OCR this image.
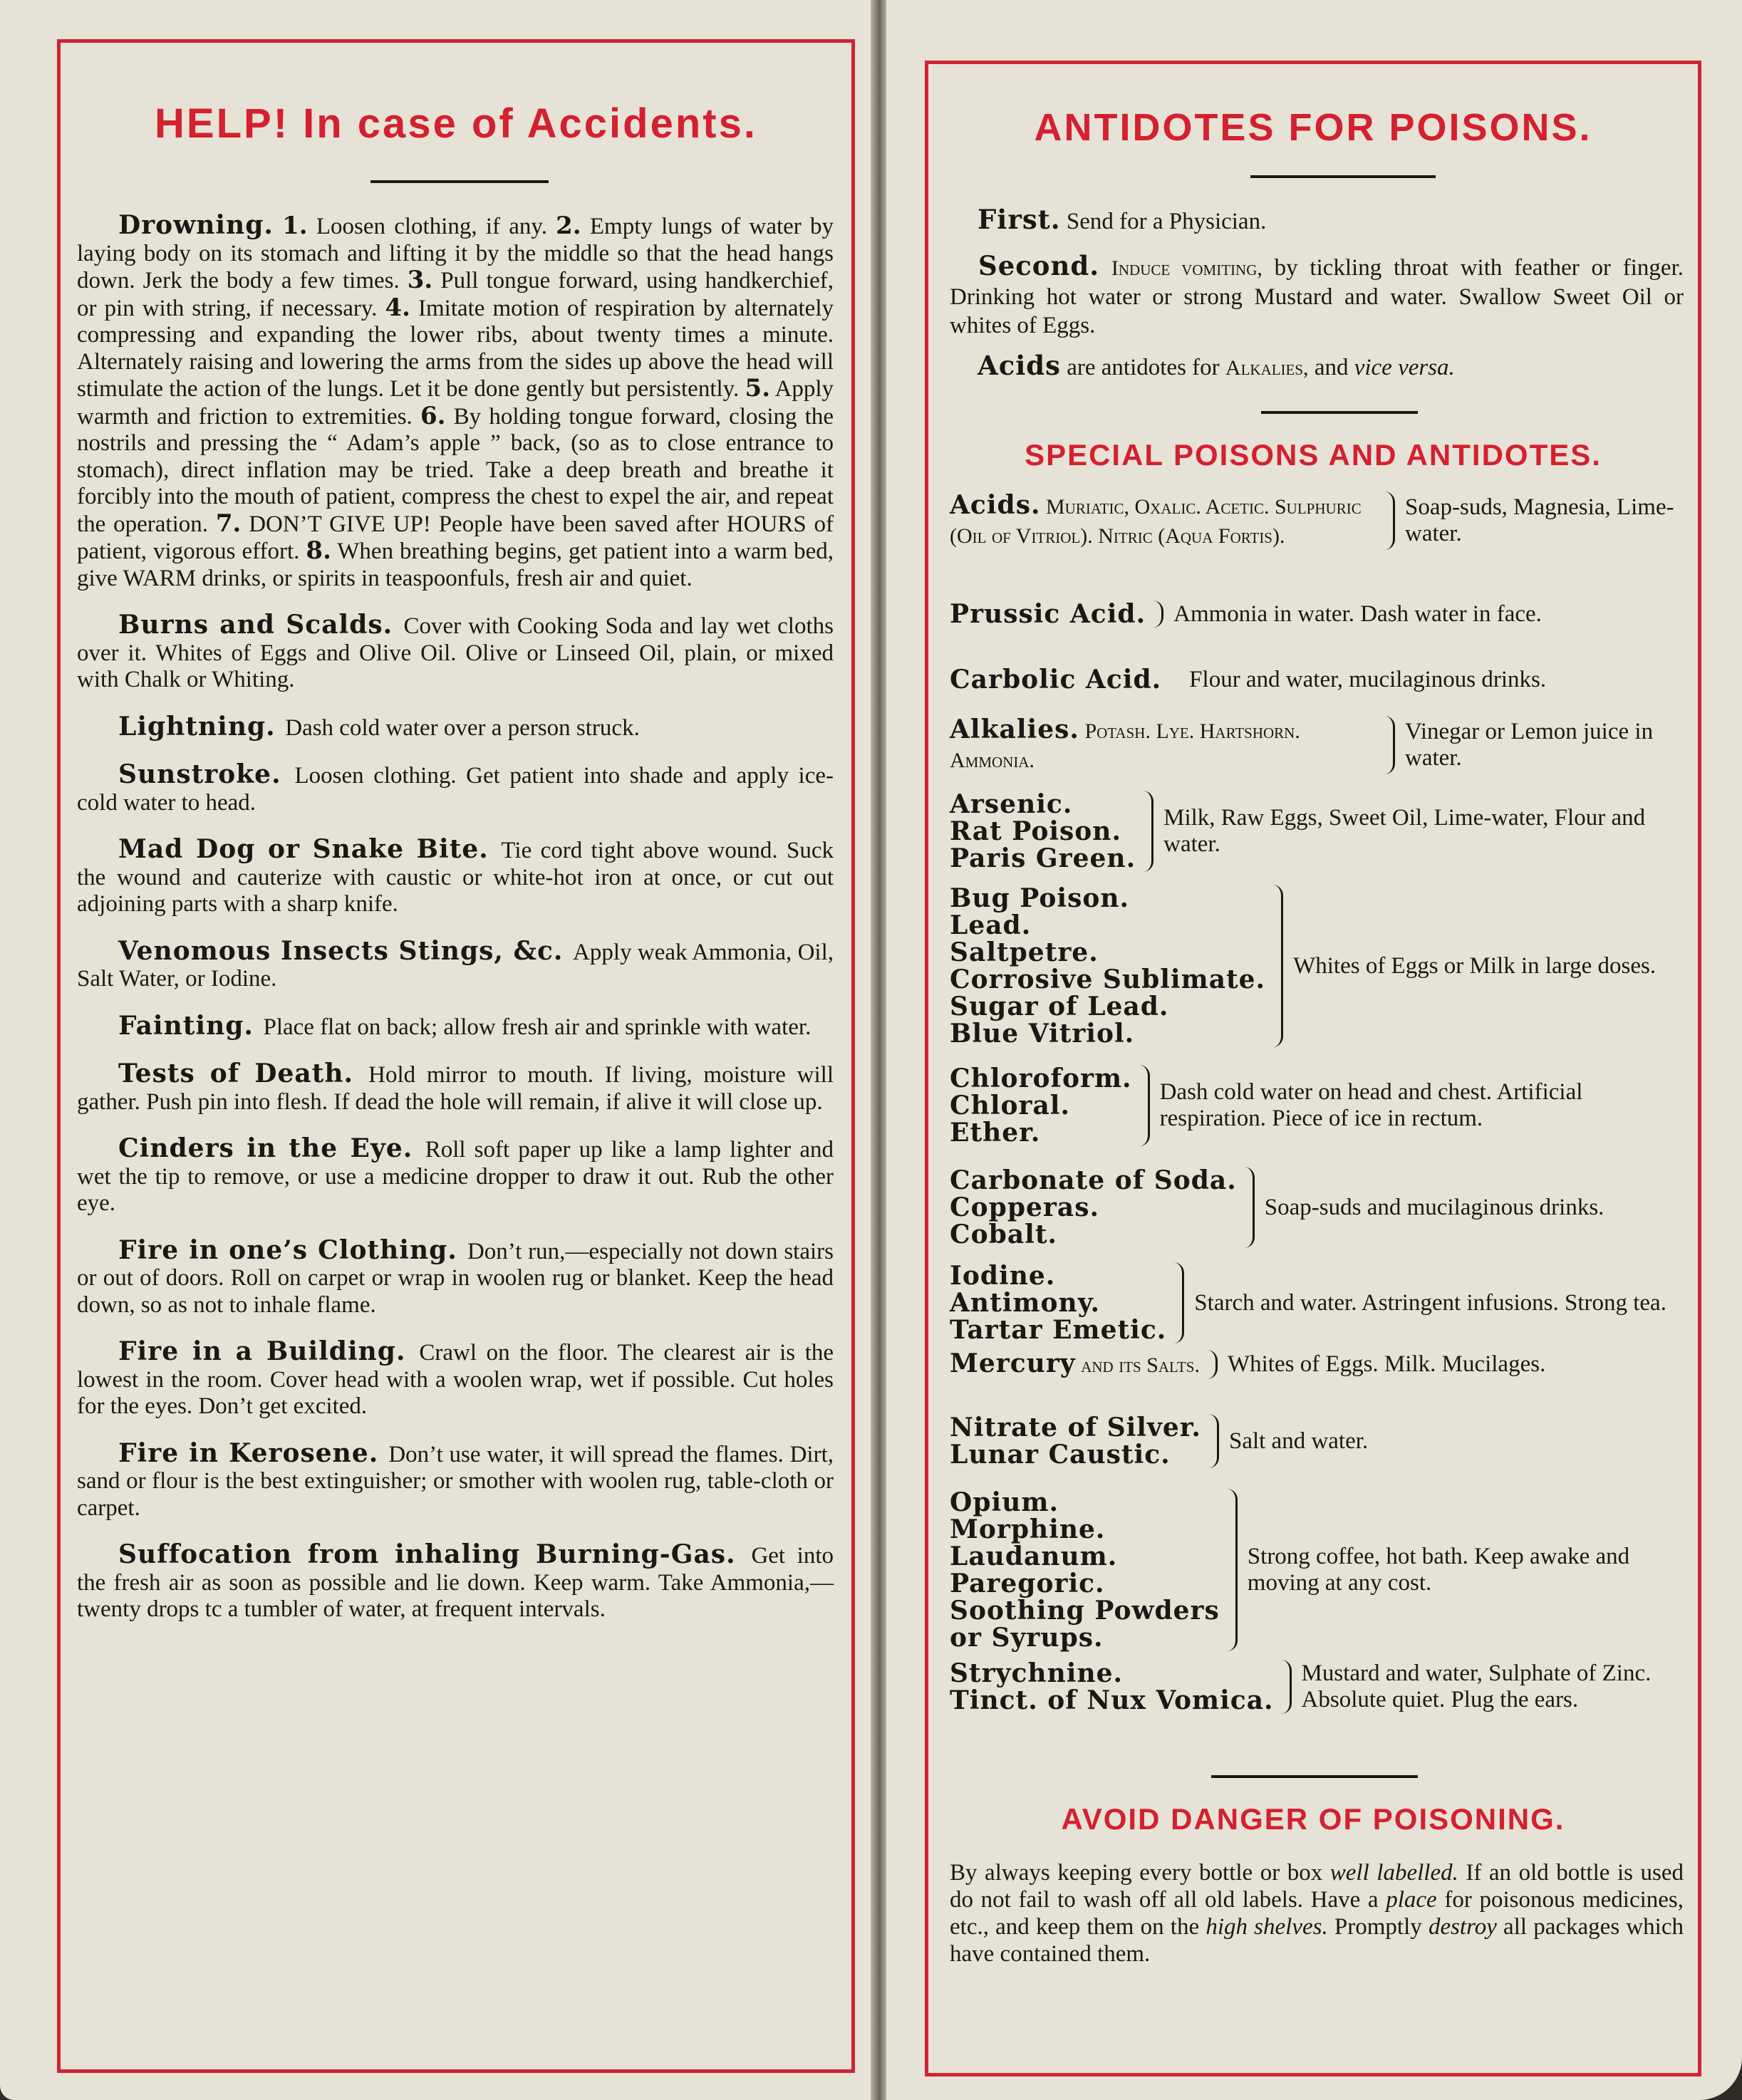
HELP! In case of Accidents.

Drowning. 1. Loosen clothing, if any. 2. Empty lungs of water by laying body on its stomach and lifting it by the middle so that the head hangs down. Jerk the body a few times. 3. Pull tongue forward, using handkerchief, or pin with string, if necessary. 4. Imitate motion of respiration by alternately compressing and expanding the lower ribs, about twenty times a minute. Alternately raising and lowering the arms from the sides up above the head will stimulate the action of the lungs. Let it be done gently but persistently. 5. Apply warmth and friction to extremities. 6. By holding tongue forward, closing the nostrils and pressing the “ Adam’s apple ” back, (so as to close entrance to stomach), direct inflation may be tried. Take a deep breath and breathe it forcibly into the mouth of patient, compress the chest to expel the air, and repeat the operation. 7. DON’T GIVE UP! People have been saved after HOURS of patient, vigorous effort. 8. When breathing begins, get patient into a warm bed, give WARM drinks, or spirits in teaspoonfuls, fresh air and quiet.

Burns and Scalds. Cover with Cooking Soda and lay wet cloths over it. Whites of Eggs and Olive Oil. Olive or Linseed Oil, plain, or mixed with Chalk or Whiting.

Lightning. Dash cold water over a person struck.

Sunstroke. Loosen clothing. Get patient into shade and apply ice-cold water to head.

Mad Dog or Snake Bite. Tie cord tight above wound. Suck the wound and cauterize with caustic or white-hot iron at once, or cut out adjoining parts with a sharp knife.

Venomous Insects Stings, &c. Apply weak Ammonia, Oil, Salt Water, or Iodine.

Fainting. Place flat on back; allow fresh air and sprinkle with water.

Tests of Death. Hold mirror to mouth. If living, moisture will gather. Push pin into flesh. If dead the hole will remain, if alive it will close up.

Cinders in the Eye. Roll soft paper up like a lamp lighter and wet the tip to remove, or use a medicine dropper to draw it out. Rub the other eye.

Fire in one’s Clothing. Don’t run,—especially not down stairs or out of doors. Roll on carpet or wrap in woolen rug or blanket. Keep the head down, so as not to inhale flame.

Fire in a Building. Crawl on the floor. The clearest air is the lowest in the room. Cover head with a woolen wrap, wet if possible. Cut holes for the eyes. Don’t get excited.

Fire in Kerosene. Don’t use water, it will spread the flames. Dirt, sand or flour is the best extinguisher; or smother with woolen rug, table-cloth or carpet.

Suffocation from inhaling Burning-Gas. Get into the fresh air as soon as possible and lie down. Keep warm. Take Ammonia,—twenty drops tc a tumbler of water, at frequent intervals.

ANTIDOTES FOR POISONS.
First. Send for a Physician.
Second. Induce vomiting, by tickling throat with feather or finger. Drinking hot water or strong Mustard and water. Swallow Sweet Oil or whites of Eggs.
Acids are antidotes for Alkalies, and vice versa.
SPECIAL POISONS AND ANTIDOTES.
Acids. Muriatic, Oxalic. Acetic. Sulphuric (Oil of Vitriol). Nitric (Aqua Fortis).
Soap-suds, Magnesia, Lime-water.
Prussic Acid. Ammonia in water. Dash water in face.
Carbolic Acid. Flour and water, mucilaginous drinks.
Alkalies. Potash. Lye. Hartshorn. Ammonia.
Vinegar or Lemon juice in water.
Arsenic.
Rat Poison.
Paris Green.
Milk, Raw Eggs, Sweet Oil, Lime-water, Flour and water.
Bug Poison.
Lead.
Saltpetre.
Corrosive Sublimate.
Sugar of Lead.
Blue Vitriol.
Whites of Eggs or Milk in large doses.
Chloroform.
Chloral.
Ether.
Dash cold water on head and chest. Artificial respiration. Piece of ice in rectum.
Carbonate of Soda.
Copperas.
Cobalt.
Soap-suds and mucilaginous drinks.
Iodine.
Antimony.
Tartar Emetic.
Starch and water. Astringent infusions. Strong tea.
Mercury and its Salts. Whites of Eggs. Milk. Mucilages.
Nitrate of Silver.
Lunar Caustic.	Salt and water.
Opium.
Morphine.
Laudanum.
Paregoric.
Soothing Powders
or Syrups.
Strong coffee, hot bath. Keep awake and moving at any cost.
Strychnine.
Tinct. of Nux Vomica.
Mustard and water, Sulphate of Zinc. Absolute quiet. Plug the ears.
AVOID DANGER OF POISONING.
By always keeping every bottle or box well labelled. If an old bottle is used do not fail to wash off all old labels. Have a place for poisonous medicines, etc., and keep them on the high shelves. Promptly destroy all packages which have contained them.
